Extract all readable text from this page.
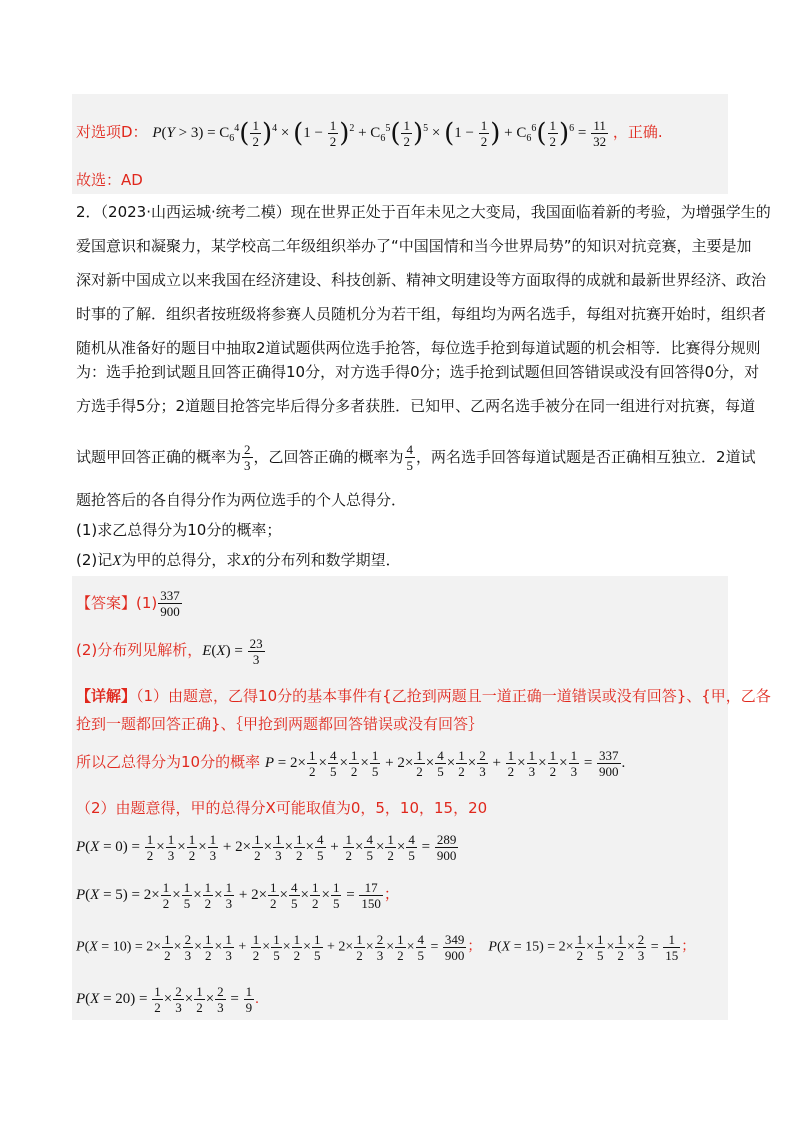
对选项D： $P(Y > 3) = C_6^4( \frac{1}{2} )^4 \times (1 - \frac{1}{2} )^2 + C_6^5( \frac{1}{2} )^5 \times (1 - \frac{1}{2}$ ) + $C_6^6( \frac{1}{2} )^6 = \frac{11}{32}$ ，正确.
故选：AD
2．（2023·山西运城·统考二模）现在世界正处于百年未见之大变局，我国面临着新的考验，为增强学生的
爱国意识和凝聚力，某学校高二年级组织举办了“中国国情和当今世界局势”的知识对抗竞赛，主要是加
深对新中国成立以来我国在经济建设、科技创新、精神文明建设等方面取得的成就和最新世界经济、政治
时事的了解．组织者按班级将参赛人员随机分为若干组，每组均为两名选手，每组对抗赛开始时，组织者
随机从准备好的题目中抽取2道试题供两位选手抢答，每位选手抢到每道试题的机会相等．比赛得分规则
为：选手抢到试题且回答正确得10分，对方选手得0分；选手抢到试题但回答错误或没有回答得0分，对
方选手得5分；2道题目抢答完毕后得分多者获胜．已知甲、乙两名选手被分在同一组进行对抗赛，每道
试题甲回答正确的概率为 $\frac{2}{3}$ ，乙回答正确的概率为 $\frac{4}{5}$ ，两名选手回答每道试题是否正确相互独立．2道试
题抢答后的各自得分作为两位选手的个人总得分．
(1)求乙总得分为10分的概率；
(2)记X为甲的总得分，求X的分布列和数学期望．
【答案】$(1) \frac{337}{900}$
(2)分布列见解析，$E(X) = \frac{23}{3}$
【详解】（1）由题意，乙得10分的基本事件有{乙抢到两题且一道正确一道错误或没有回答}、{甲，乙各
抢到一题都回答正确}、｛甲抢到两题都回答错误或没有回答｝
所以乙总得分为10分的概率 $P = 2\times \frac{1}{2} \times \frac{4}{5} \times \frac{1}{2} \times \frac{1}{5} + 2\times \frac{1}{2} \times \frac{4}{5} \times \frac{1}{2} \times \frac{2}{3} + \frac{1}{2} \times \frac{1}{3} \times \frac{1}{2} \times \frac{1}{3} = \frac{337}{900}$ .
（2）由题意得，甲的总得分X可能取值为0，5，10，15，20
$P(X = 0) = \frac{1}{2} \times \frac{1}{3} \times \frac{1}{2} \times \frac{1}{3} + 2\times \frac{1}{2} \times \frac{1}{3} \times \frac{1}{2} \times \frac{4}{5} + \frac{1}{2} \times \frac{4}{5} \times \frac{1}{2} \times \frac{4}{5} = \frac{289}{900}$
$P(X = 5) = 2\times \frac{1}{2} \times \frac{1}{5} \times \frac{1}{2} \times \frac{1}{3} + 2\times \frac{1}{2} \times \frac{4}{5} \times \frac{1}{2} \times \frac{1}{5} = \frac{17}{150}$ ；
$P(X = 10) = 2\times \frac{1}{2} \times \frac{2}{3} \times \frac{1}{2} \times \frac{1}{3} + \frac{1}{2} \times \frac{1}{5} \times \frac{1}{2} \times \frac{1}{5} + 2\times \frac{1}{2} \times \frac{2}{3} \times \frac{1}{2} \times \frac{4}{5} = \frac{349}{900}$ ； $P(X = 15) = 2\times \frac{1}{2} \times \frac{1}{5} \times \frac{1}{2} \times \frac{2}{3} = \frac{1}{15}$ ；
$P(X = 20) = \frac{1}{2} \times \frac{2}{3} \times \frac{1}{2} \times \frac{2}{3} = \frac{1}{9}$ .
